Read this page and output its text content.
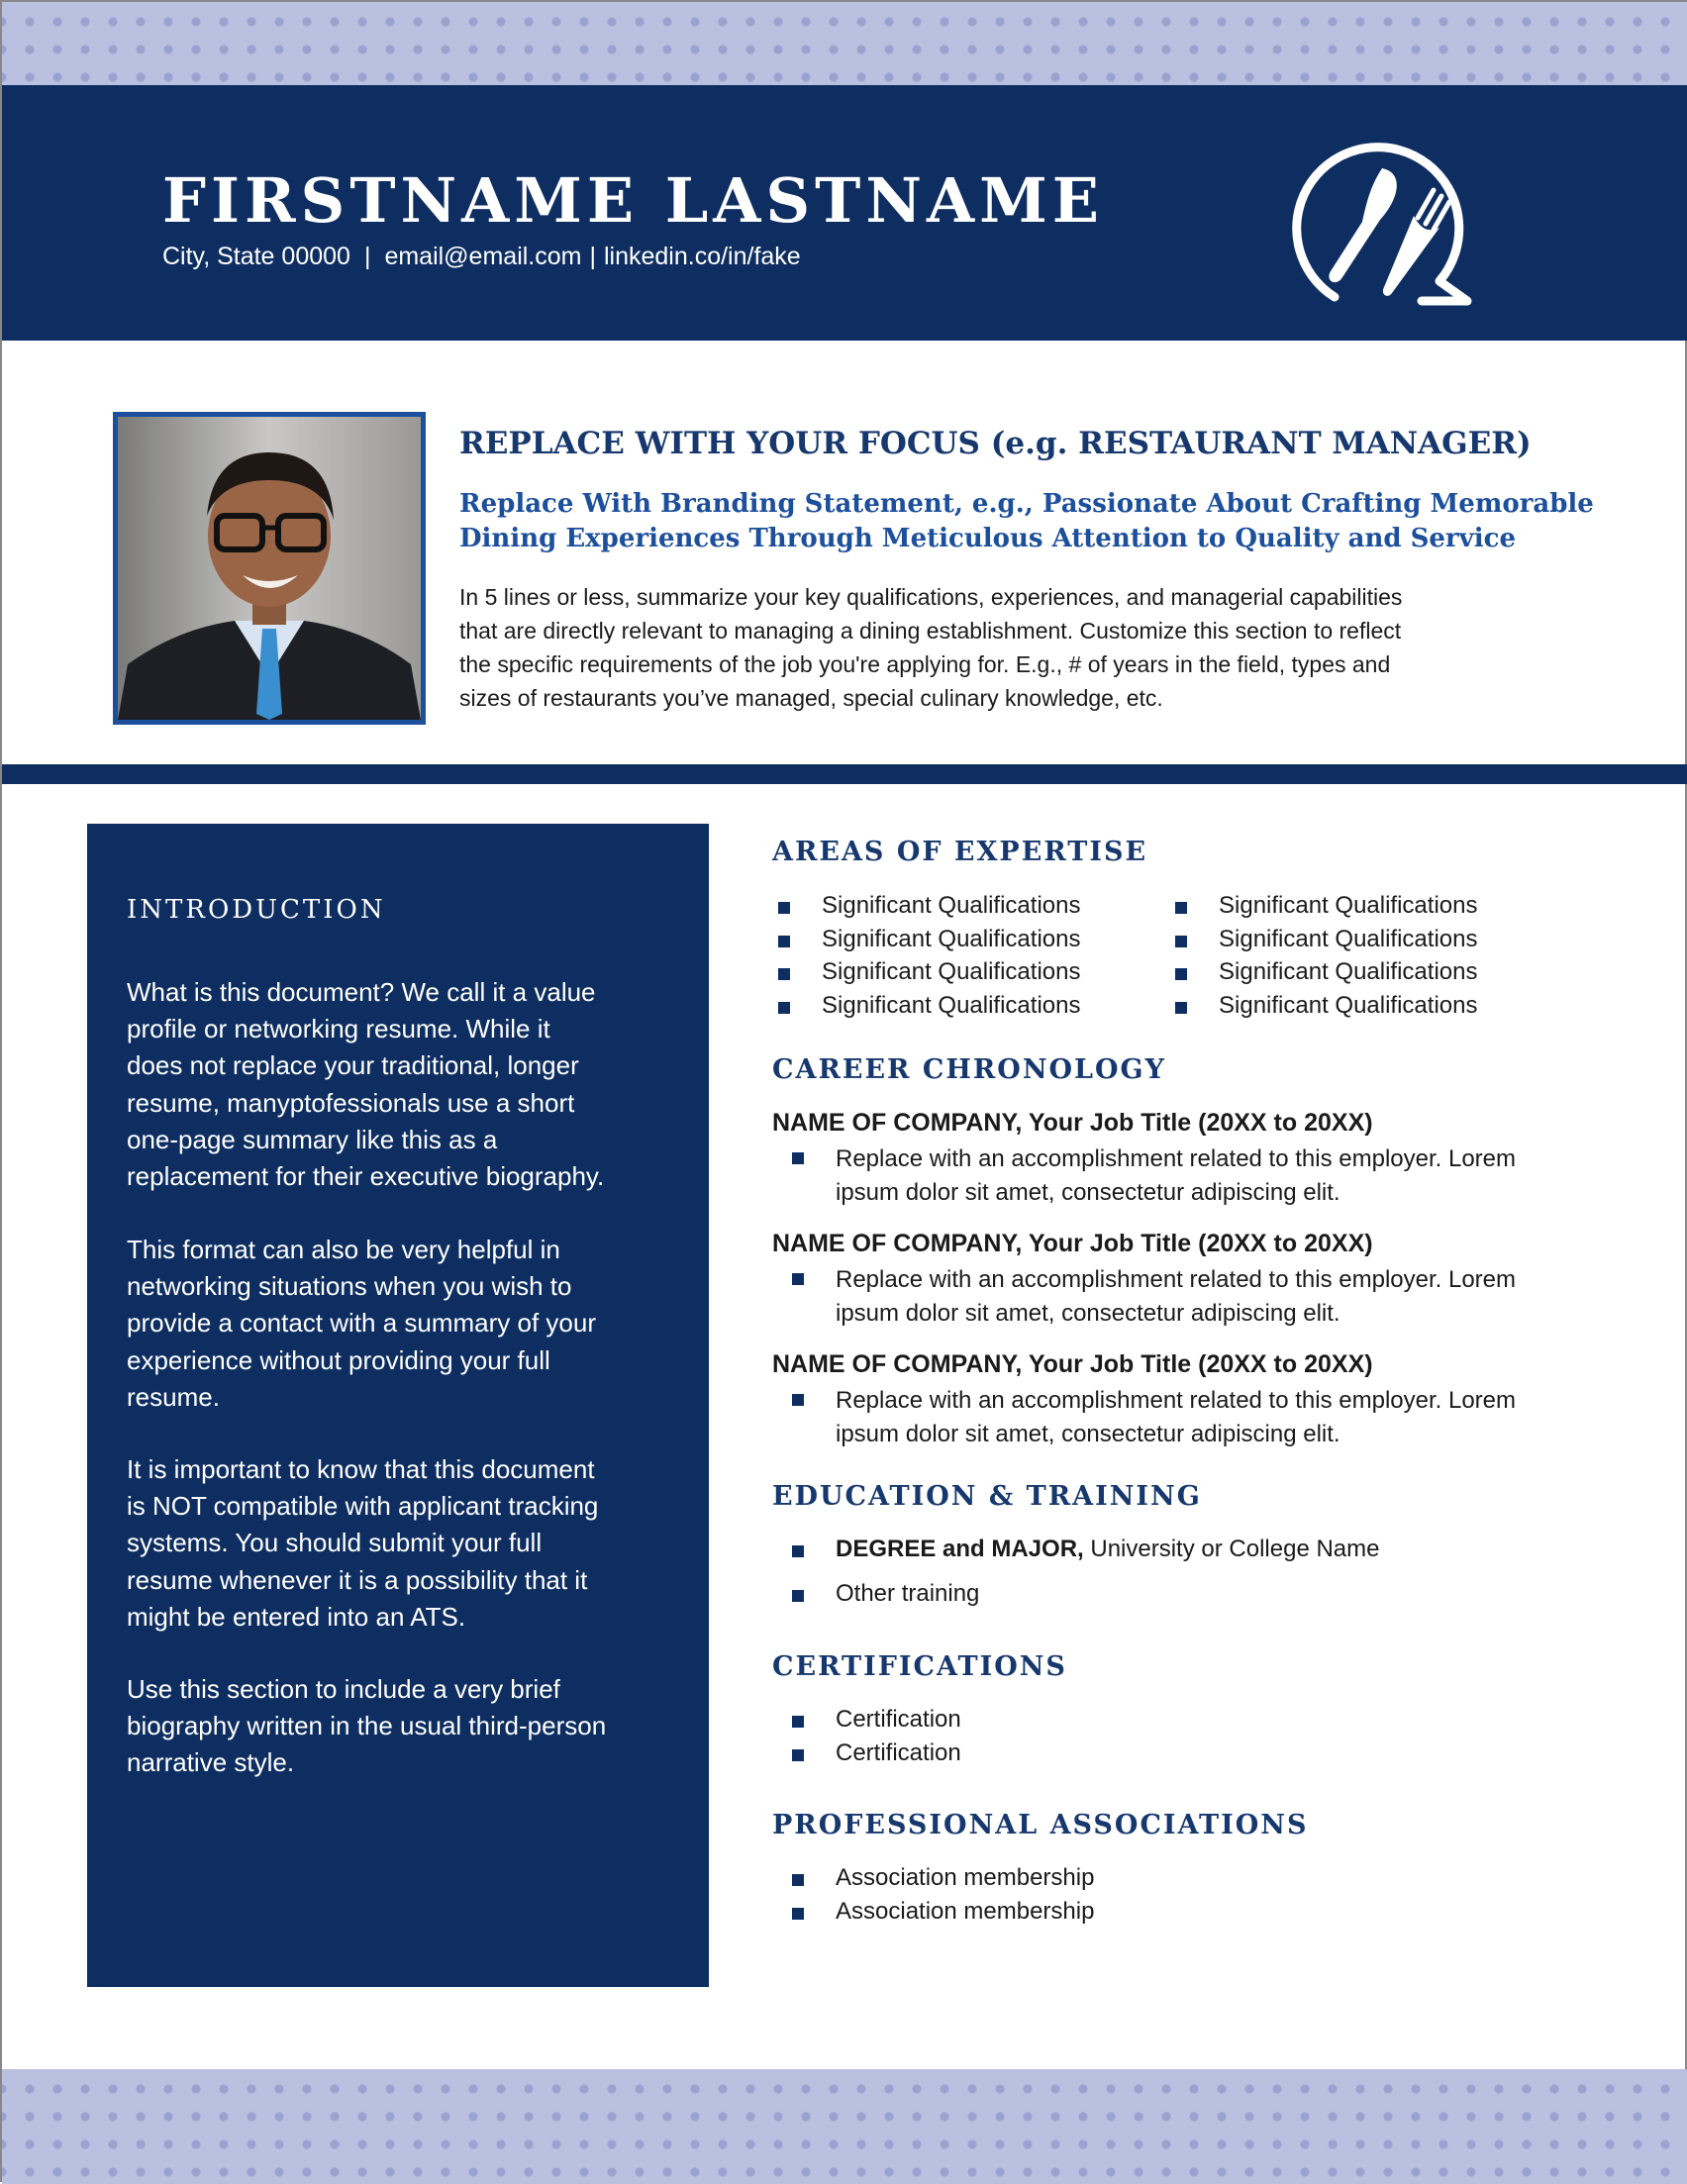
FIRSTNAME LASTNAME
City, State 00000 | email@email.com | linkedin.co/in/fake
REPLACE WITH YOUR FOCUS (e.g. RESTAURANT MANAGER)
Replace With Branding Statement, e.g., Passionate About Crafting Memorable
Dining Experiences Through Meticulous Attention to Quality and Service
In 5 lines or less, summarize your key qualifications, experiences, and managerial capabilities
that are directly relevant to managing a dining establishment. Customize this section to reflect
the specific requirements of the job you're applying for. E.g., # of years in the field, types and
sizes of restaurants you’ve managed, special culinary knowledge, etc.
INTRODUCTION
What is this document? We call it a value
profile or networking resume. While it
does not replace your traditional, longer
resume, manyptofessionals use a short
one-page summary like this as a
replacement for their executive biography.
This format can also be very helpful in
networking situations when you wish to
provide a contact with a summary of your
experience without providing your full
resume.
It is important to know that this document
is NOT compatible with applicant tracking
systems. You should submit your full
resume whenever it is a possibility that it
might be entered into an ATS.
Use this section to include a very brief
biography written in the usual third-person
narrative style.
AREAS OF EXPERTISE
Significant Qualifications
Significant Qualifications
Significant Qualifications
Significant Qualifications
Significant Qualifications
Significant Qualifications
Significant Qualifications
Significant Qualifications
CAREER CHRONOLOGY
NAME OF COMPANY, Your Job Title (20XX to 20XX)
Replace with an accomplishment related to this employer. Lorem
ipsum dolor sit amet, consectetur adipiscing elit.
NAME OF COMPANY, Your Job Title (20XX to 20XX)
Replace with an accomplishment related to this employer. Lorem
ipsum dolor sit amet, consectetur adipiscing elit.
NAME OF COMPANY, Your Job Title (20XX to 20XX)
Replace with an accomplishment related to this employer. Lorem
ipsum dolor sit amet, consectetur adipiscing elit.
EDUCATION & TRAINING
DEGREE and MAJOR, University or College Name
Other training
CERTIFICATIONS
Certification
Certification
PROFESSIONAL ASSOCIATIONS
Association membership
Association membership
